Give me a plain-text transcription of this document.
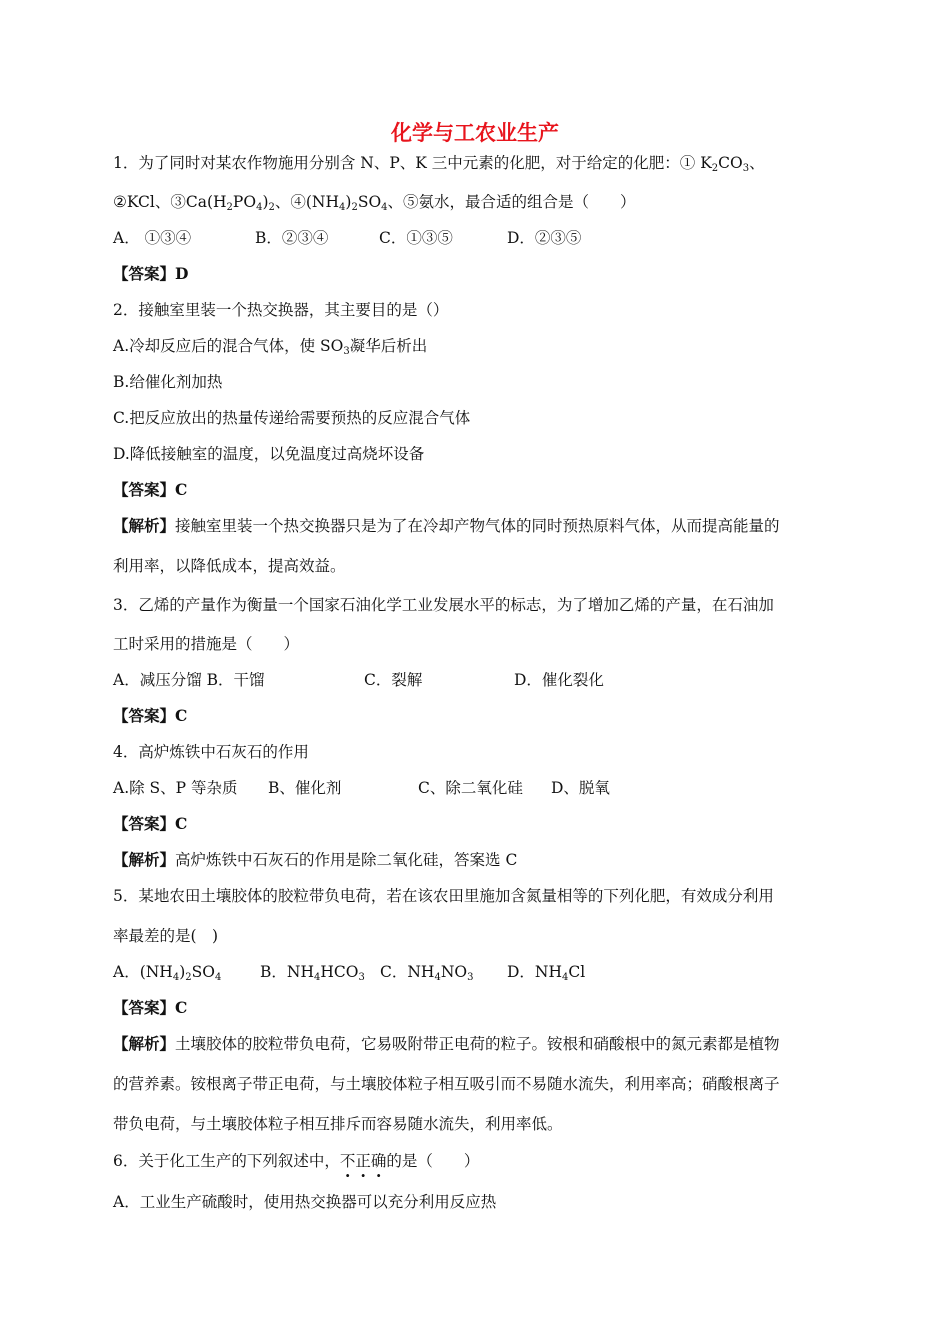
化学与工农业生产
1．为了同时对某农作物施用分别含 N、P、K 三中元素的化肥，对于给定的化肥：① $K_2CO_3$、
②KCl、$③Ca(H_2PO_4)_2$、$④(NH_4)_2SO_4$、⑤氨水，最合适的组合是（　　）
A． ①③④	B．②③④	C．①③⑤	D．②③⑤
【答案】D
2．接触室里装一个热交换器，其主要目的是（）
A.冷却反应后的混合气体，使 $SO_3$凝华后析出
B.给催化剂加热
C.把反应放出的热量传递给需要预热的反应混合气体
D.降低接触室的温度，以免温度过高烧坏设备
【答案】C
【解析】接触室里装一个热交换器只是为了在冷却产物气体的同时预热原料气体，从而提高能量的
利用率，以降低成本，提高效益。
3．乙烯的产量作为衡量一个国家石油化学工业发展水平的标志，为了增加乙烯的产量，在石油加
工时采用的措施是（　　）
A．减压分馏 B．干馏	C．裂解	D．催化裂化
【答案】C
4．高炉炼铁中石灰石的作用
A.除 S、P 等杂质 B、催化剂	C、除二氧化硅 D、脱氧
【答案】C
【解析】高炉炼铁中石灰石的作用是除二氧化硅，答案选 C
5．某地农田土壤胶体的胶粒带负电荷，若在该农田里施加含氮量相等的下列化肥，有效成分利用
率最差的是(　)
A．$(NH_4)_2SO_4$ B．$NH_4HCO_3$ C．$NH_4NO_3$ D．$NH_4Cl$
【答案】C
【解析】土壤胶体的胶粒带负电荷，它易吸附带正电荷的粒子。铵根和硝酸根中的氮元素都是植物
的营养素。铵根离子带正电荷，与土壤胶体粒子相互吸引而不易随水流失，利用率高；硝酸根离子
带负电荷，与土壤胶体粒子相互排斥而容易随水流失，利用率低。
6．关于化工生产的下列叙述中，不正确的是（　　）
A．工业生产硫酸时，使用热交换器可以充分利用反应热
